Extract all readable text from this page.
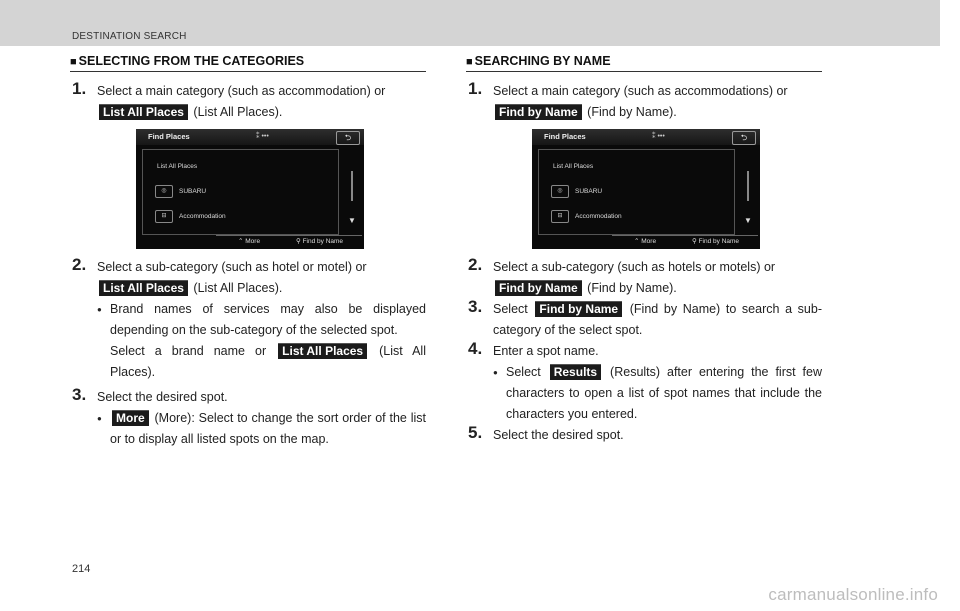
DESTINATION SEARCH
■ SELECTING FROM THE CATEGORIES
1. Select a main category (such as accommodation) or

List All Places (List All Places).

Find Places	⁑ •••	⮌
List All Places
◎	SUBARU
⊟	Accommodation	▼
⌃ More	⚲ Find by Name
2. Select a sub-category (such as hotel or motel) or

List All Places (List All Places).

● Brand names of services may also be displayed depending on the sub-category of the selected spot.
Select a brand name or List All Places (List All Places).
3. Select the desired spot.

● More (More): Select to change the sort order of the list or to display all listed spots on the map.
■ SEARCHING BY NAME
1. Select a main category (such as accommodations) or

Find by Name (Find by Name).

Find Places	⁑ •••	⮌
List All Places
◎	SUBARU
⊟	Accommodation	▼
⌃ More	⚲ Find by Name
2. Select a sub-category (such as hotels or motels) or

Find by Name (Find by Name).

3. Select Find by Name (Find by Name) to search a sub-category of the select spot.

4. Enter a spot name.

● Select Results (Results) after entering the first few characters to open a list of spot names that include the characters you entered.
5. Select the desired spot.

214
carmanualsonline.info
